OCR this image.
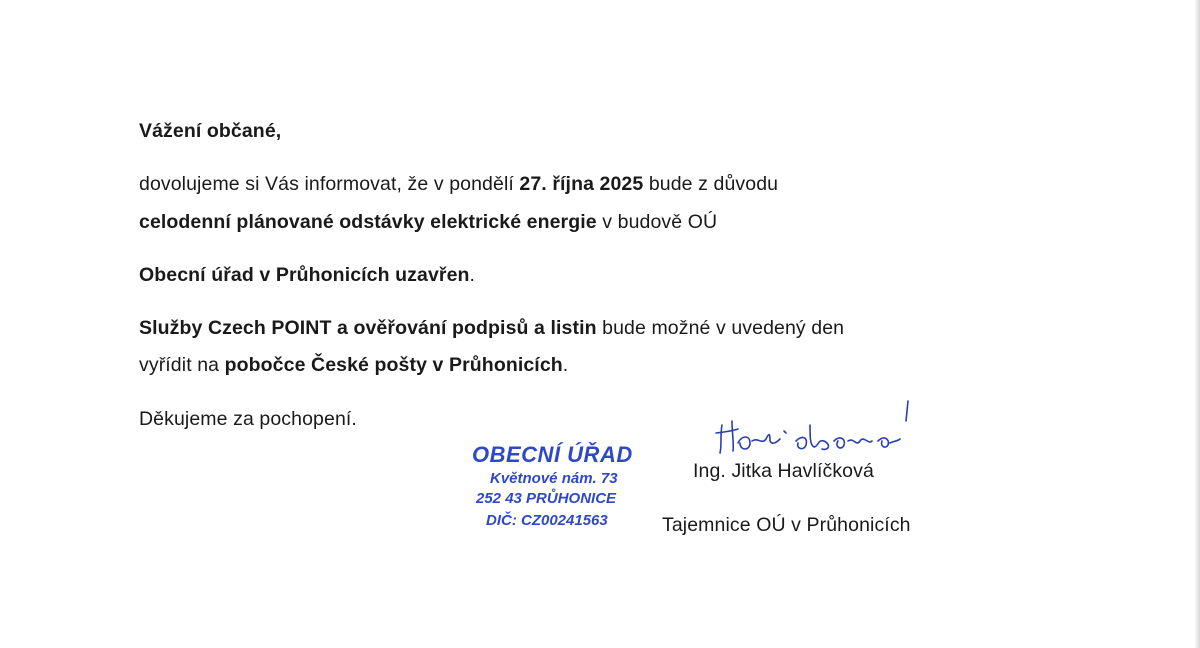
Vážení občané,
dovolujeme si Vás informovat, že v pondělí 27. října 2025 bude z důvodu
celodenní plánované odstávky elektrické energie v budově OÚ
Obecní úřad v Průhonicích uzavřen.
Služby Czech POINT a ověřování podpisů a listin bude možné v uvedený den
vyřídit na pobočce České pošty v Průhonicích.
Děkujeme za pochopení.
Ing. Jitka Havlíčková
Tajemnice OÚ v Průhonicích
OBECNÍ ÚŘAD
Květnové nám. 73
252 43 PRŮHONICE
DIČ: CZ00241563
